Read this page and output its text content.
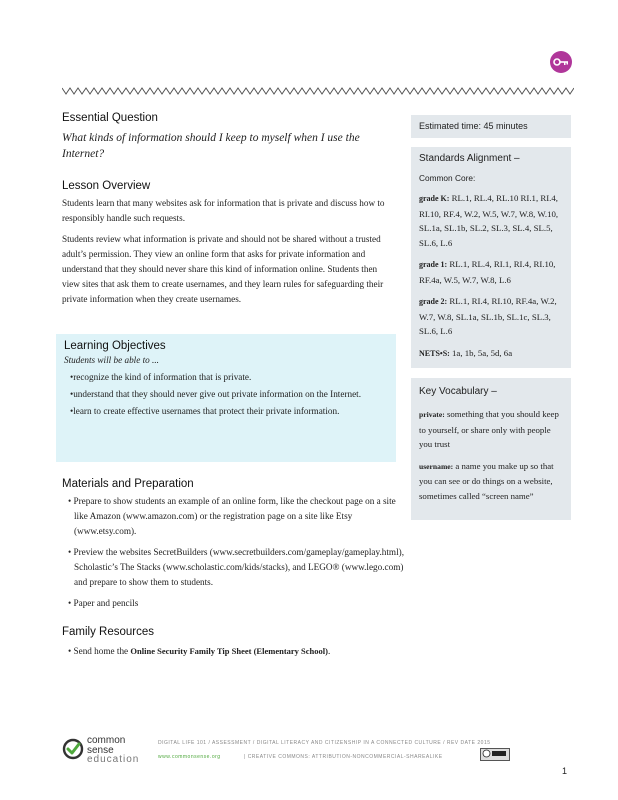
Essential Question
What kinds of information should I keep to myself when I use the Internet?
Lesson Overview

Students learn that many websites ask for information that is private and discuss how to responsibly handle such requests.

Students review what information is private and should not be shared without a trusted adult’s permission. They view an online form that asks for private information and understand that they should never share this kind of information online. Students then view sites that ask them to create usernames, and they learn rules for safeguarding their private information when they create usernames.

Learning Objectives

Students will be able to ...

•recognize the kind of information that is private.

•understand that they should never give out private information on the Internet.

•learn to create effective usernames that protect their private information.

Materials and Preparation

• Prepare to show students an example of an online form, like the checkout page on a site like Amazon (www.amazon.com) or the registration page on a site like Etsy (www.etsy.com).

• Preview the websites SecretBuilders (www.secretbuilders.com/gameplay/gameplay.html), Scholastic’s The Stacks (www.scholastic.com/kids/stacks), and LEGO® (www.lego.com) and prepare to show them to students.

• Paper and pencils

Family Resources

• Send home the Online Security Family Tip Sheet (Elementary School).

Estimated time: 45 minutes
Standards Alignment –
Common Core:
grade K: RL.1, RL.4, RL.10 RI.1, RI.4, RI.10, RF.4, W.2, W.5, W.7, W.8, W.10, SL.1a, SL.1b, SL.2, SL.3, SL.4, SL.5, SL.6, L.6
grade 1: RL.1, RL.4, RI.1, RI.4, RI.10, RF.4a, W.5, W.7, W.8, L.6
grade 2: RL.1, RI.4, RI.10, RF.4a, W.2, W.7, W.8, SL.1a, SL.1b, SL.1c, SL.3, SL.6, L.6
NETS•S: 1a, 1b, 5a, 5d, 6a
Key Vocabulary –
private: something that you should keep to yourself, or share only with people you trust
username: a name you make up so that you can see or do things on a website, sometimes called “screen name”
common
sense
education
DIGITAL LIFE 101 / ASSESSMENT / DIGITAL LITERACY AND CITIZENSHIP IN A CONNECTED CULTURE / REV DATE 2015
www.commonsense.org	| CREATIVE COMMONS: ATTRIBUTION-NONCOMMERCIAL-SHAREALIKE
1
